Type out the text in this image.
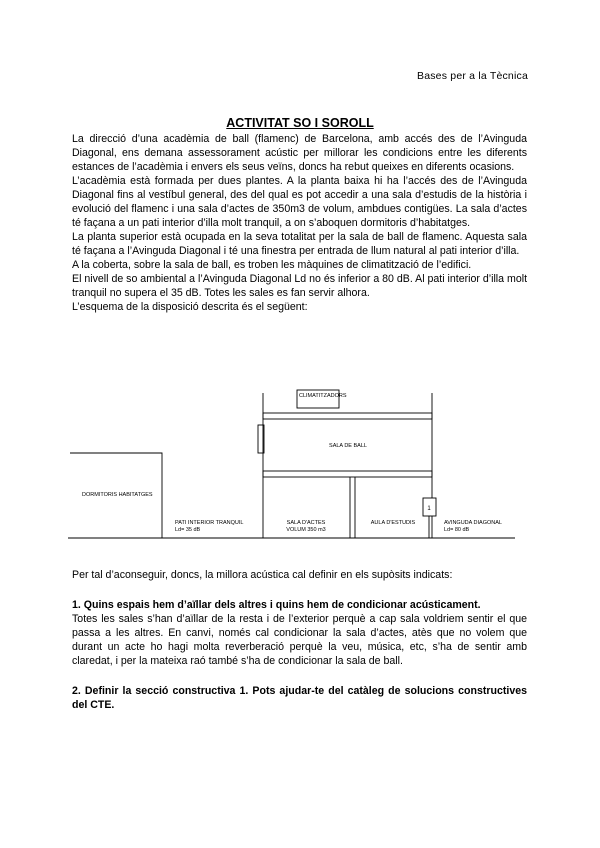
Bases per a la Tècnica
ACTIVITAT SO I SOROLL

La direcció d’una acadèmia de ball (flamenc) de Barcelona, amb accés des de l’Avinguda Diagonal, ens demana assessorament acústic per millorar les condicions entre les diferents estances de l’acadèmia i envers els seus veïns, doncs ha rebut queixes en diferents ocasions.

L’acadèmia està formada per dues plantes. A la planta baixa hi ha l’accés des de l’Avinguda Diagonal fins al vestíbul general, des del qual es pot accedir a una sala d’estudis de la història i evolució del flamenc i una sala d’actes de 350m3 de volum, ambdues contigües. La sala d’actes té façana a un pati interior d’illa molt tranquil, a on s’aboquen dormitoris d’habitatges.

La planta superior està ocupada en la seva totalitat per la sala de ball de flamenc. Aquesta sala té façana a l’Avinguda Diagonal i té una finestra per entrada de llum natural al pati interior d’illa.

A la coberta, sobre la sala de ball, es troben les màquines de climatització de l’edifici.

El nivell de so ambiental a l’Avinguda Diagonal Ld no és inferior a 80 dB. Al pati interior d’illa molt tranquil no supera el 35 dB. Totes les sales es fan servir alhora.

L’esquema de la disposició descrita és el següent:

CLIMATITZADORS
SALA DE BALL
DORMITORIS HABITATGES
PATI INTERIOR TRANQUIL
Ld= 35 dB
SALA D'ACTES
VOLUM 350 m3
AULA D'ESTUDIS	AVINGUDA DIAGONAL
Ld= 80 dB
1

Per tal d’aconseguir, doncs, la millora acústica cal definir en els supòsits indicats:

1. Quins espais hem d’aïllar dels altres i quins hem de condicionar acústicament.

Totes les sales s’han d’aïllar de la resta i de l’exterior perquè a cap sala voldriem sentir el que passa a les altres. En canvi, només cal condicionar la sala d’actes, atès que no volem que durant un acte ho hagi molta reverberació perquè la veu, música, etc, s’ha de sentir amb claredat, i per la mateixa raó també s’ha de condicionar la sala de ball.

2. Definir la secció constructiva 1. Pots ajudar-te del catàleg de solucions constructives del CTE.
